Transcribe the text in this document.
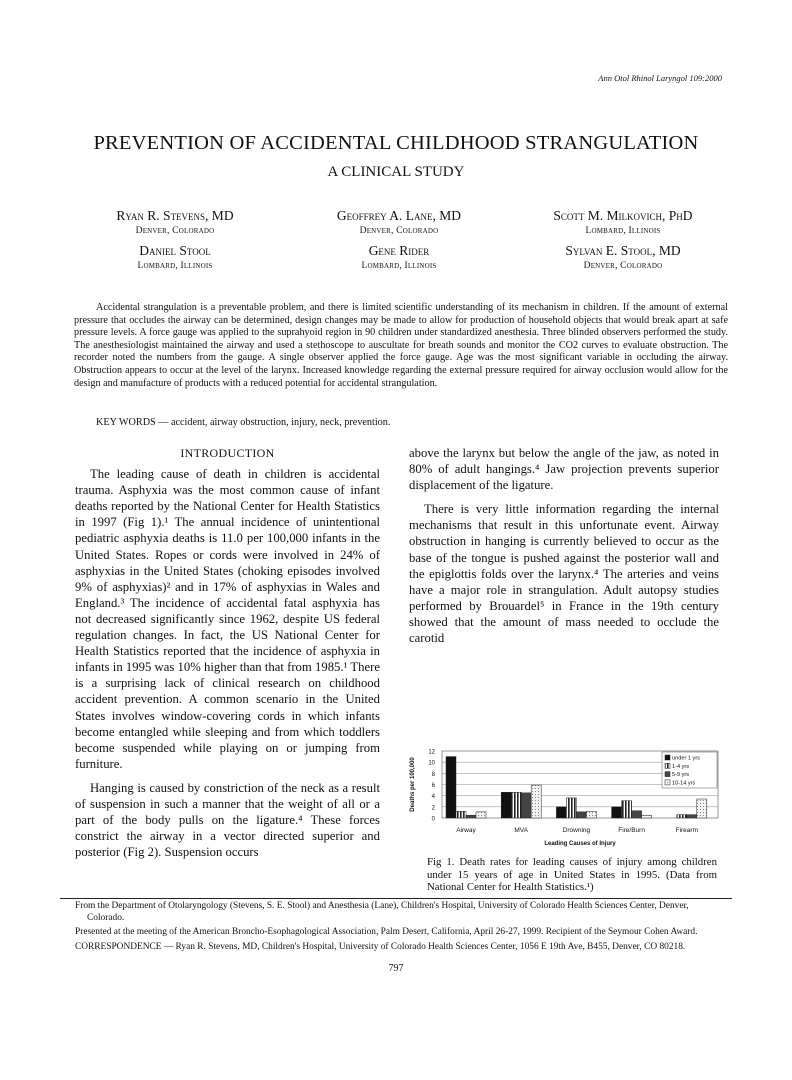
Ann Otol Rhinol Laryngol 109:2000
PREVENTION OF ACCIDENTAL CHILDHOOD STRANGULATION
A CLINICAL STUDY
Ryan R. Stevens, MD
Denver, Colorado
Daniel Stool
Lombard, Illinois
Geoffrey A. Lane, MD
Denver, Colorado
Gene Rider
Lombard, Illinois
Scott M. Milkovich, PhD
Lombard, Illinois
Sylvan E. Stool, MD
Denver, Colorado
Accidental strangulation is a preventable problem, and there is limited scientific understanding of its mechanism in children. If the amount of external pressure that occludes the airway can be determined, design changes may be made to allow for production of household objects that would break apart at safe pressure levels. A force gauge was applied to the suprahyoid region in 90 children under standardized anesthesia. Three blinded observers performed the study. The anesthesiologist maintained the airway and used a stethoscope to auscultate for breath sounds and monitor the CO2 curves to evaluate obstruction. The recorder noted the numbers from the gauge. A single observer applied the force gauge. Age was the most significant variable in occluding the airway. Obstruction appears to occur at the level of the larynx. Increased knowledge regarding the external pressure required for airway occlusion would allow for the design and manufacture of products with a reduced potential for accidental strangulation.
KEY WORDS — accident, airway obstruction, injury, neck, prevention.

INTRODUCTION

The leading cause of death in children is accidental trauma. Asphyxia was the most common cause of infant deaths reported by the National Center for Health Statistics in 1997 (Fig 1).¹ The annual incidence of unintentional pediatric asphyxia deaths is 11.0 per 100,000 infants in the United States. Ropes or cords were involved in 24% of asphyxias in the United States (choking episodes involved 9% of asphyxias)² and in 17% of asphyxias in Wales and England.³ The incidence of accidental fatal asphyxia has not decreased significantly since 1962, despite US federal regulation changes. In fact, the US National Center for Health Statistics reported that the incidence of asphyxia in infants in 1995 was 10% higher than that from 1985.¹ There is a surprising lack of clinical research on childhood accident prevention. A common scenario in the United States involves window-covering cords in which infants become entangled while sleeping and from which toddlers become suspended while playing on or jumping from furniture.

Hanging is caused by constriction of the neck as a result of suspension in such a manner that the weight of all or a part of the body pulls on the ligature.⁴ These forces constrict the airway in a vector directed superior and posterior (Fig 2). Suspension occurs

above the larynx but below the angle of the jaw, as noted in 80% of adult hangings.⁴ Jaw projection prevents superior displacement of the ligature.

There is very little information regarding the internal mechanisms that result in this unfortunate event. Airway obstruction in hanging is currently believed to occur as the base of the tongue is pushed against the posterior wall and the epiglottis folds over the larynx.⁴ The arteries and veins have a major role in strangulation. Adult autopsy studies performed by Brouardel⁵ in France in the 19th century showed that the amount of mass needed to occlude the carotid

0
2
4
6
8
10
12
Deaths per 100,000
Airway	MVA	Drowning	Fire/Burn	Firearm
Leading Causes of Injury
under 1 yrs
1-4 yrs
5-9 yrs
10-14 yrs
Fig 1. Death rates for leading causes of injury among children under 15 years of age in United States in 1995. (Data from National Center for Health Statistics.¹)

From the Department of Otolaryngology (Stevens, S. E. Stool) and Anesthesia (Lane), Children's Hospital, University of Colorado Health Sciences Center, Denver, Colorado.

Presented at the meeting of the American Broncho-Esophagological Association, Palm Desert, California, April 26-27, 1999. Recipient of the Seymour Cohen Award.

CORRESPONDENCE — Ryan R. Stevens, MD, Children's Hospital, University of Colorado Health Sciences Center, 1056 E 19th Ave, B455, Denver, CO 80218.

797
